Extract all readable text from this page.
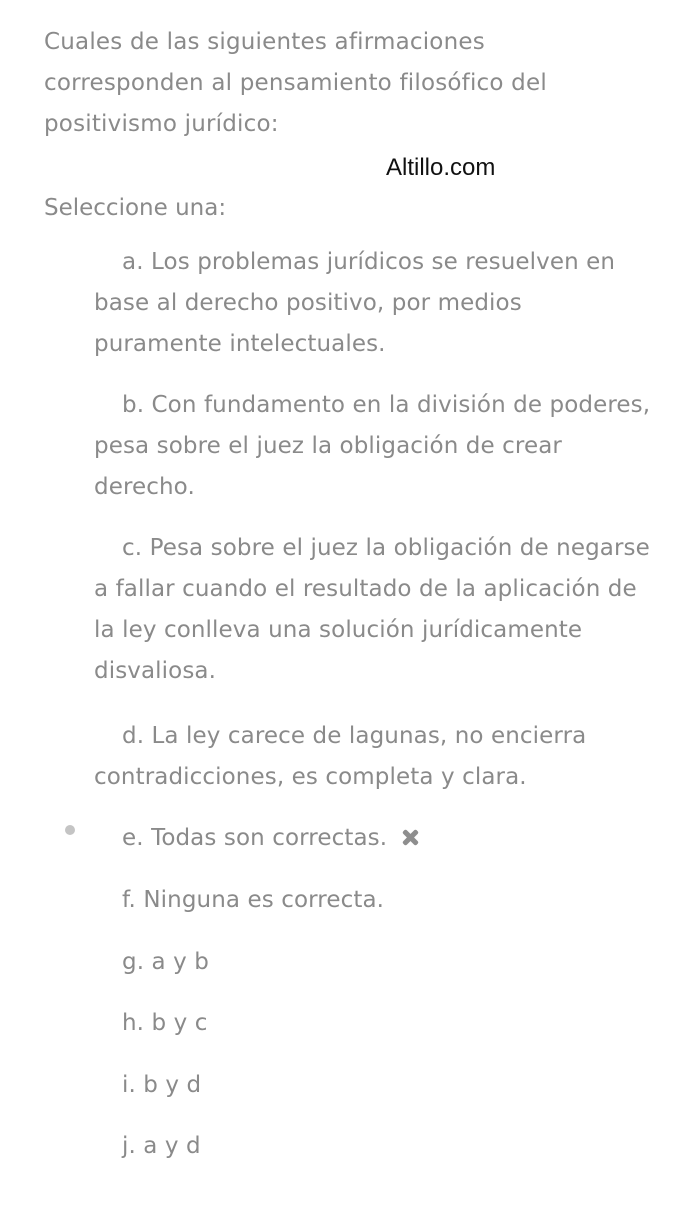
Cuales de las siguientes afirmaciones corresponden al pensamiento filosófico del positivismo jurídico:
Altillo.com
Seleccione una:
a. Los problemas jurídicos se resuelven en base al derecho positivo, por medios puramente intelectuales.
b. Con fundamento en la división de poderes, pesa sobre el juez la obligación de crear derecho.
c. Pesa sobre el juez la obligación de negarse a fallar cuando el resultado de la aplicación de la ley conlleva una solución jurídicamente disvaliosa.
d. La ley carece de lagunas, no encierra contradicciones, es completa y clara.
e. Todas son correctas.
f. Ninguna es correcta.
g. a y b
h. b y c
i. b y d
j. a y d
